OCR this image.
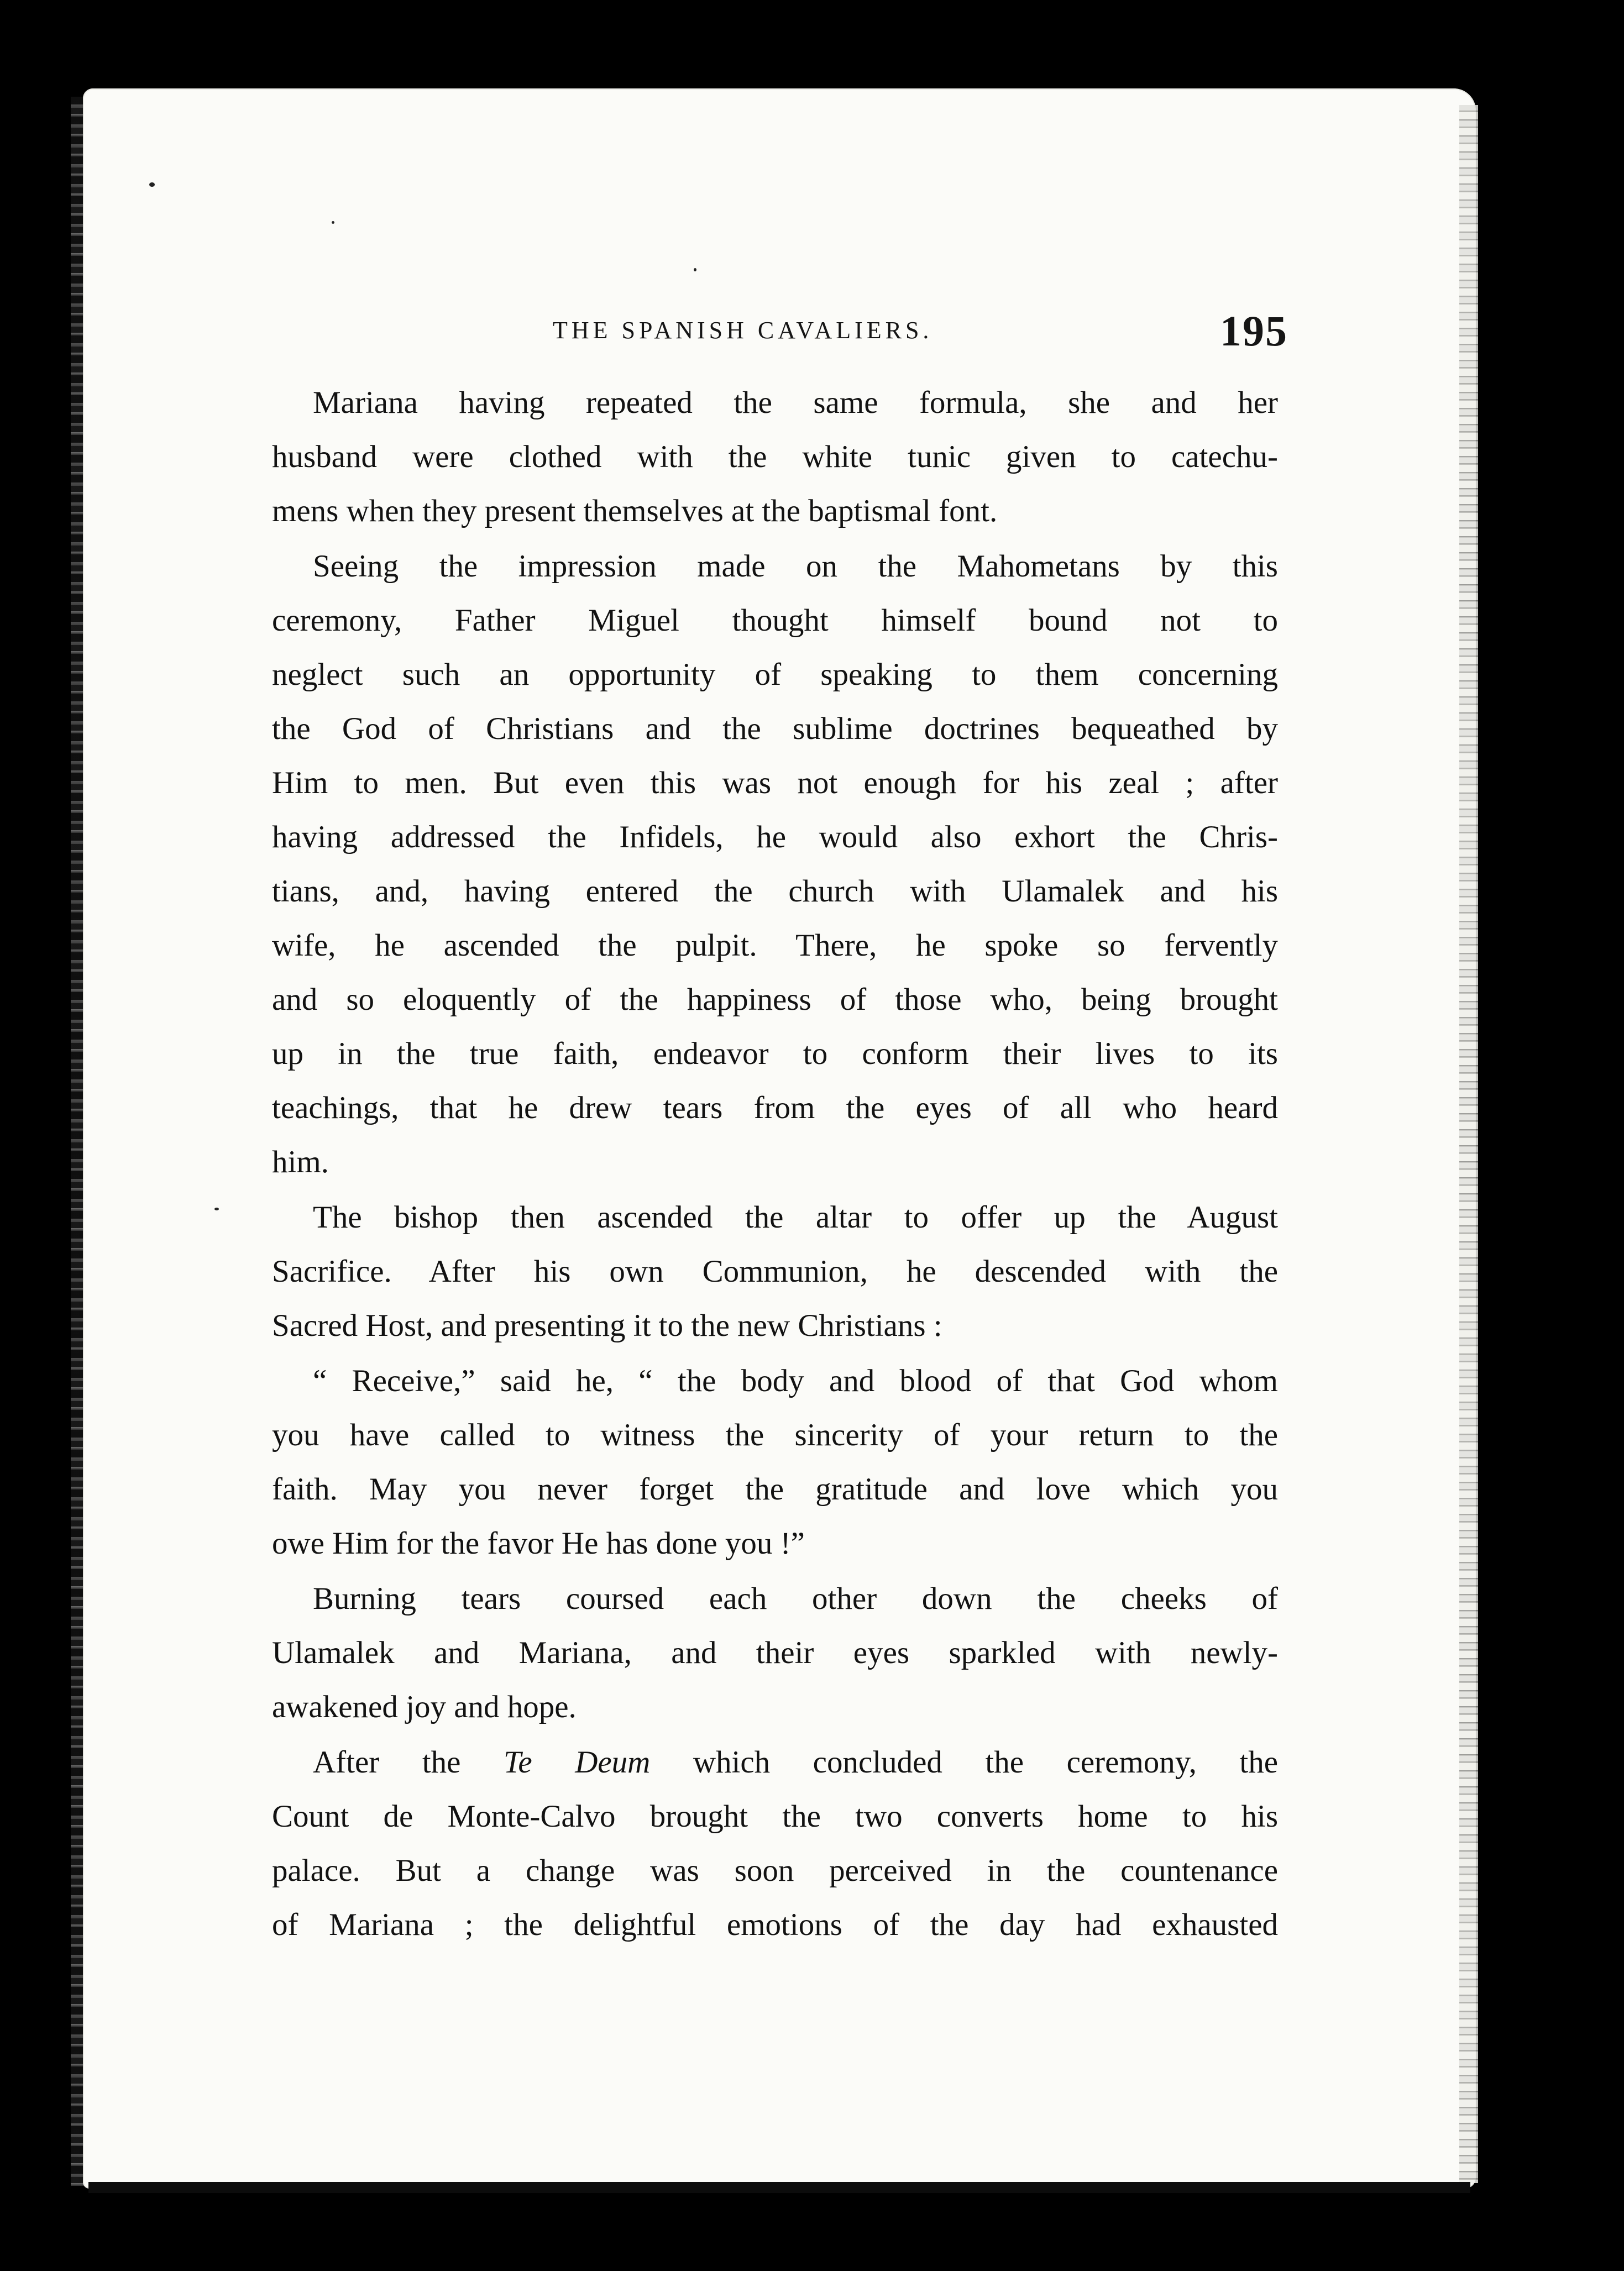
THE SPANISH CAVALIERS.	195

Mariana having repeated the same formula, she and her
husband were clothed with the white tunic given to catechu-
mens when they present themselves at the baptismal font.

Seeing the impression made on the Mahometans by this
ceremony, Father Miguel thought himself bound not to
neglect such an opportunity of speaking to them concerning
the God of Christians and the sublime doctrines bequeathed by
Him to men. But even this was not enough for his zeal ; after
having addressed the Infidels, he would also exhort the Chris-
tians, and, having entered the church with Ulamalek and his
wife, he ascended the pulpit. There, he spoke so fervently
and so eloquently of the happiness of those who, being brought
up in the true faith, endeavor to conform their lives to its
teachings, that he drew tears from the eyes of all who heard
him.

The bishop then ascended the altar to offer up the August
Sacrifice. After his own Communion, he descended with the
Sacred Host, and presenting it to the new Christians :

“ Receive,” said he, “ the body and blood of that God whom
you have called to witness the sincerity of your return to the
faith. May you never forget the gratitude and love which you
owe Him for the favor He has done you !”

Burning tears coursed each other down the cheeks of
Ulamalek and Mariana, and their eyes sparkled with newly-
awakened joy and hope.

After the Te Deum which concluded the ceremony, the
Count de Monte-Calvo brought the two converts home to his
palace. But a change was soon perceived in the countenance
of Mariana ; the delightful emotions of the day had exhausted
